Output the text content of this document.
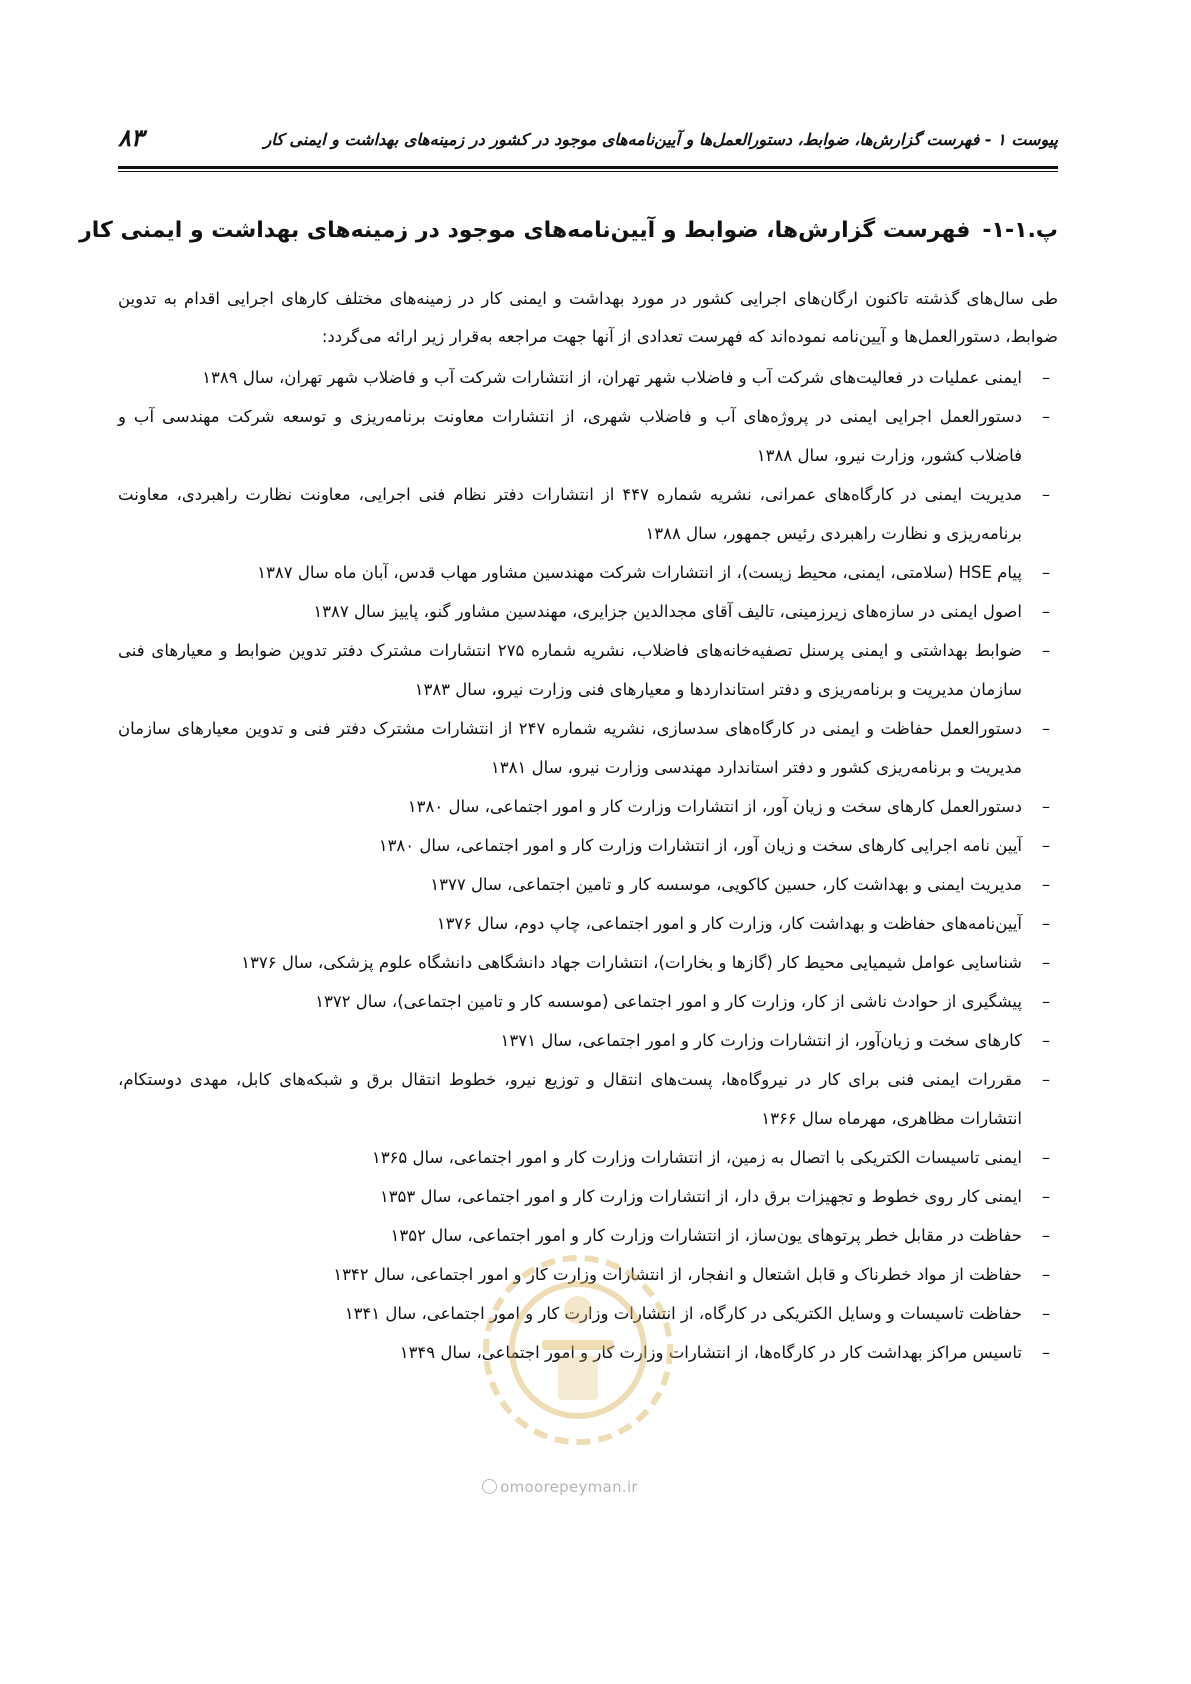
پیوست ۱ - فهرست گزارش‌ها، ضوابط، دستورالعمل‌ها و آیین‌نامه‌های موجود در کشور در زمینه‌های بهداشت و ایمنی کار
۸۳
پ.۱-۱-فهرست گزارش‌ها، ضوابط و آیین‌نامه‌های موجود در زمینه‌های بهداشت و ایمنی کار

طی سال‌های گذشته تاکنون ارگان‌های اجرایی کشور در مورد بهداشت و ایمنی کار در زمینه‌های مختلف کارهای اجرایی اقدام به تدوین ضوابط، دستورالعمل‌ها و آیین‌نامه نموده‌اند که فهرست تعدادی از آنها جهت مراجعه به‌قرار زیر ارائه می‌گردد:

–
ایمنی عملیات در فعالیت‌های شرکت آب و فاضلاب شهر تهران، از انتشارات شرکت آب و فاضلاب شهر تهران، سال ۱۳۸۹
–
دستورالعمل اجرایی ایمنی در پروژه‌های آب و فاضلاب شهری، از انتشارات معاونت برنامه‌ریزی و توسعه شرکت مهندسی آب و فاضلاب کشور، وزارت نیرو، سال ۱۳۸۸
–
مدیریت ایمنی در کارگاه‌های عمرانی، نشریه شماره ۴۴۷ از انتشارات دفتر نظام فنی اجرایی، معاونت نظارت راهبردی، معاونت برنامه‌ریزی و نظارت راهبردی رئیس جمهور، سال ۱۳۸۸
–
پیام HSE (سلامتی، ایمنی، محیط زیست)، از انتشارات شرکت مهندسین مشاور مهاب قدس، آبان ماه سال ۱۳۸۷
–
اصول ایمنی در سازه‌های زیرزمینی، تالیف آقای مجدالدین جزایری، مهندسین مشاور گنو، پاییز سال ۱۳۸۷
–
ضوابط بهداشتی و ایمنی پرسنل تصفیه‌خانه‌های فاضلاب، نشریه شماره ۲۷۵ انتشارات مشترک دفتر تدوین ضوابط و معیارهای فنی سازمان مدیریت و برنامه‌ریزی و دفتر استانداردها و معیارهای فنی وزارت نیرو، سال ۱۳۸۳
–
دستورالعمل حفاظت و ایمنی در کارگاه‌های سدسازی، نشریه شماره ۲۴۷ از انتشارات مشترک دفتر فنی و تدوین معیارهای سازمان مدیریت و برنامه‌ریزی کشور و دفتر استاندارد مهندسی وزارت نیرو، سال ۱۳۸۱
–
دستورالعمل کارهای سخت و زیان آور، از انتشارات وزارت کار و امور اجتماعی، سال ۱۳۸۰
–
آیین نامه اجرایی کارهای سخت و زیان آور، از انتشارات وزارت کار و امور اجتماعی، سال ۱۳۸۰
–
مدیریت ایمنی و بهداشت کار، حسین کاکویی، موسسه کار و تامین اجتماعی، سال ۱۳۷۷
–
آیین‌نامه‌های حفاظت و بهداشت کار، وزارت کار و امور اجتماعی، چاپ دوم، سال ۱۳۷۶
–
شناسایی عوامل شیمیایی محیط کار (گازها و بخارات)، انتشارات جهاد دانشگاهی دانشگاه علوم پزشکی، سال ۱۳۷۶
–
پیشگیری از حوادث ناشی از کار، وزارت کار و امور اجتماعی (موسسه کار و تامین اجتماعی)، سال ۱۳۷۲
–
کارهای سخت و زیان‌آور، از انتشارات وزارت کار و امور اجتماعی، سال ۱۳۷۱
–
مقررات ایمنی فنی برای کار در نیروگاه‌ها، پست‌های انتقال و توزیع نیرو، خطوط انتقال برق و شبکه‌های کابل، مهدی دوستکام، انتشارات مظاهری، مهرماه سال ۱۳۶۶
–
ایمنی تاسیسات الکتریکی با اتصال به زمین، از انتشارات وزارت کار و امور اجتماعی، سال ۱۳۶۵
–
ایمنی کار روی خطوط و تجهیزات برق دار، از انتشارات وزارت کار و امور اجتماعی، سال ۱۳۵۳
–
حفاظت در مقابل خطر پرتوهای یون‌ساز، از انتشارات وزارت کار و امور اجتماعی، سال ۱۳۵۲
–
حفاظت از مواد خطرناک و قابل اشتعال و انفجار، از انتشارات وزارت کار و امور اجتماعی، سال ۱۳۴۲
–
حفاظت تاسیسات و وسایل الکتریکی در کارگاه، از انتشارات وزارت کار و امور اجتماعی، سال ۱۳۴۱
–
تاسیس مراکز بهداشت کار در کارگاه‌ها، از انتشارات وزارت کار و امور اجتماعی، سال ۱۳۴۹
omoorepeyman.ir
